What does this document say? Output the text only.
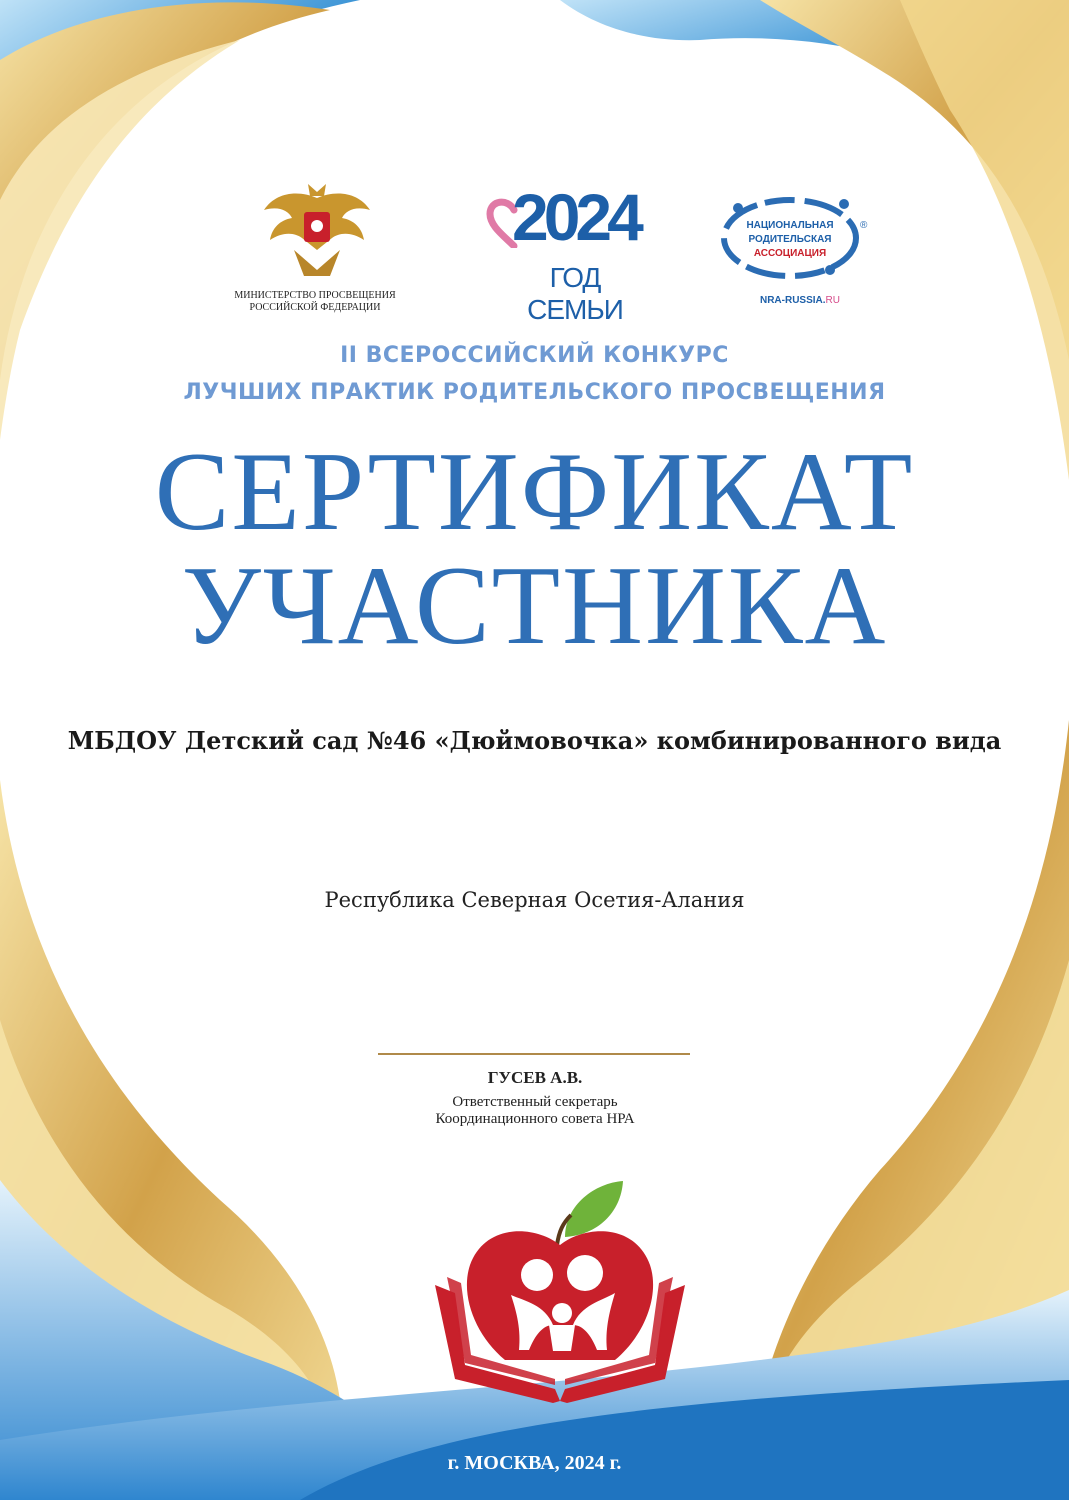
МИНИСТЕРСТВО ПРОСВЕЩЕНИЯ
РОССИЙСКОЙ ФЕДЕРАЦИИ
2024
ГОД СЕМЬИ
НАЦИОНАЛЬНАЯ
РОДИТЕЛЬСКАЯ
АССОЦИАЦИЯ
®
NRA-RUSSIA.RU
II ВСЕРОССИЙСКИЙ КОНКУРС
ЛУЧШИХ ПРАКТИК РОДИТЕЛЬСКОГО ПРОСВЕЩЕНИЯ
СЕРТИФИКАТ
УЧАСТНИКА
МБДОУ Детский сад №46 «Дюймовочка» комбинированного вида
Республика Северная Осетия-Алания
ГУСЕВ А.В.
Ответственный секретарь
Координационного совета НРА
г. МОСКВА, 2024 г.
